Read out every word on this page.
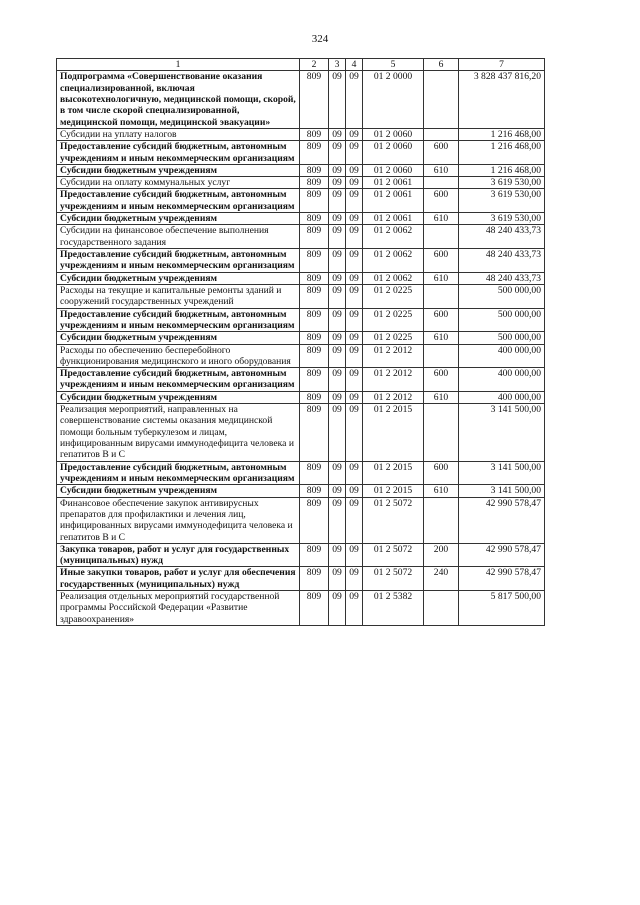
324
1	2	3	4	5	6	7
Подпрограмма «Совершенствование оказания специализированной, включая высокотехнологичную, медицинской помощи, скорой, в том числе скорой специализированной, медицинской помощи, медицинской эвакуации»	809	09	09	01 2 0000		3 828 437 816,20
Субсидии на уплату налогов	809	09	09	01 2 0060		1 216 468,00
Предоставление субсидий бюджетным, автономным учреждениям и иным некоммерческим организациям	809	09	09	01 2 0060	600	1 216 468,00
Субсидии бюджетным учреждениям	809	09	09	01 2 0060	610	1 216 468,00
Субсидии на оплату коммунальных услуг	809	09	09	01 2 0061		3 619 530,00
Предоставление субсидий бюджетным, автономным учреждениям и иным некоммерческим организациям	809	09	09	01 2 0061	600	3 619 530,00
Субсидии бюджетным учреждениям	809	09	09	01 2 0061	610	3 619 530,00
Субсидии на финансовое обеспечение выполнения государственного задания	809	09	09	01 2 0062		48 240 433,73
Предоставление субсидий бюджетным, автономным учреждениям и иным некоммерческим организациям	809	09	09	01 2 0062	600	48 240 433,73
Субсидии бюджетным учреждениям	809	09	09	01 2 0062	610	48 240 433,73
Расходы на текущие и капитальные ремонты зданий и сооружений государственных учреждений	809	09	09	01 2 0225		500 000,00
Предоставление субсидий бюджетным, автономным учреждениям и иным некоммерческим организациям	809	09	09	01 2 0225	600	500 000,00
Субсидии бюджетным учреждениям	809	09	09	01 2 0225	610	500 000,00
Расходы по обеспечению бесперебойного функционирования медицинского и иного оборудования	809	09	09	01 2 2012		400 000,00
Предоставление субсидий бюджетным, автономным учреждениям и иным некоммерческим организациям	809	09	09	01 2 2012	600	400 000,00
Субсидии бюджетным учреждениям	809	09	09	01 2 2012	610	400 000,00
Реализация мероприятий, направленных на совершенствование системы оказания медицинской помощи больным туберкулезом и лицам, инфицированным вирусами иммунодефицита человека и гепатитов В и С	809	09	09	01 2 2015		3 141 500,00
Предоставление субсидий бюджетным, автономным учреждениям и иным некоммерческим организациям	809	09	09	01 2 2015	600	3 141 500,00
Субсидии бюджетным учреждениям	809	09	09	01 2 2015	610	3 141 500,00
Финансовое обеспечение закупок антивирусных препаратов для профилактики и лечения лиц, инфицированных вирусами иммунодефицита человека и гепатитов В и С	809	09	09	01 2 5072		42 990 578,47
Закупка товаров, работ и услуг для государственных (муниципальных) нужд	809	09	09	01 2 5072	200	42 990 578,47
Иные закупки товаров, работ и услуг для обеспечения государственных (муниципальных) нужд	809	09	09	01 2 5072	240	42 990 578,47
Реализация отдельных мероприятий государственной программы Российской Федерации «Развитие здравоохранения»	809	09	09	01 2 5382		5 817 500,00
